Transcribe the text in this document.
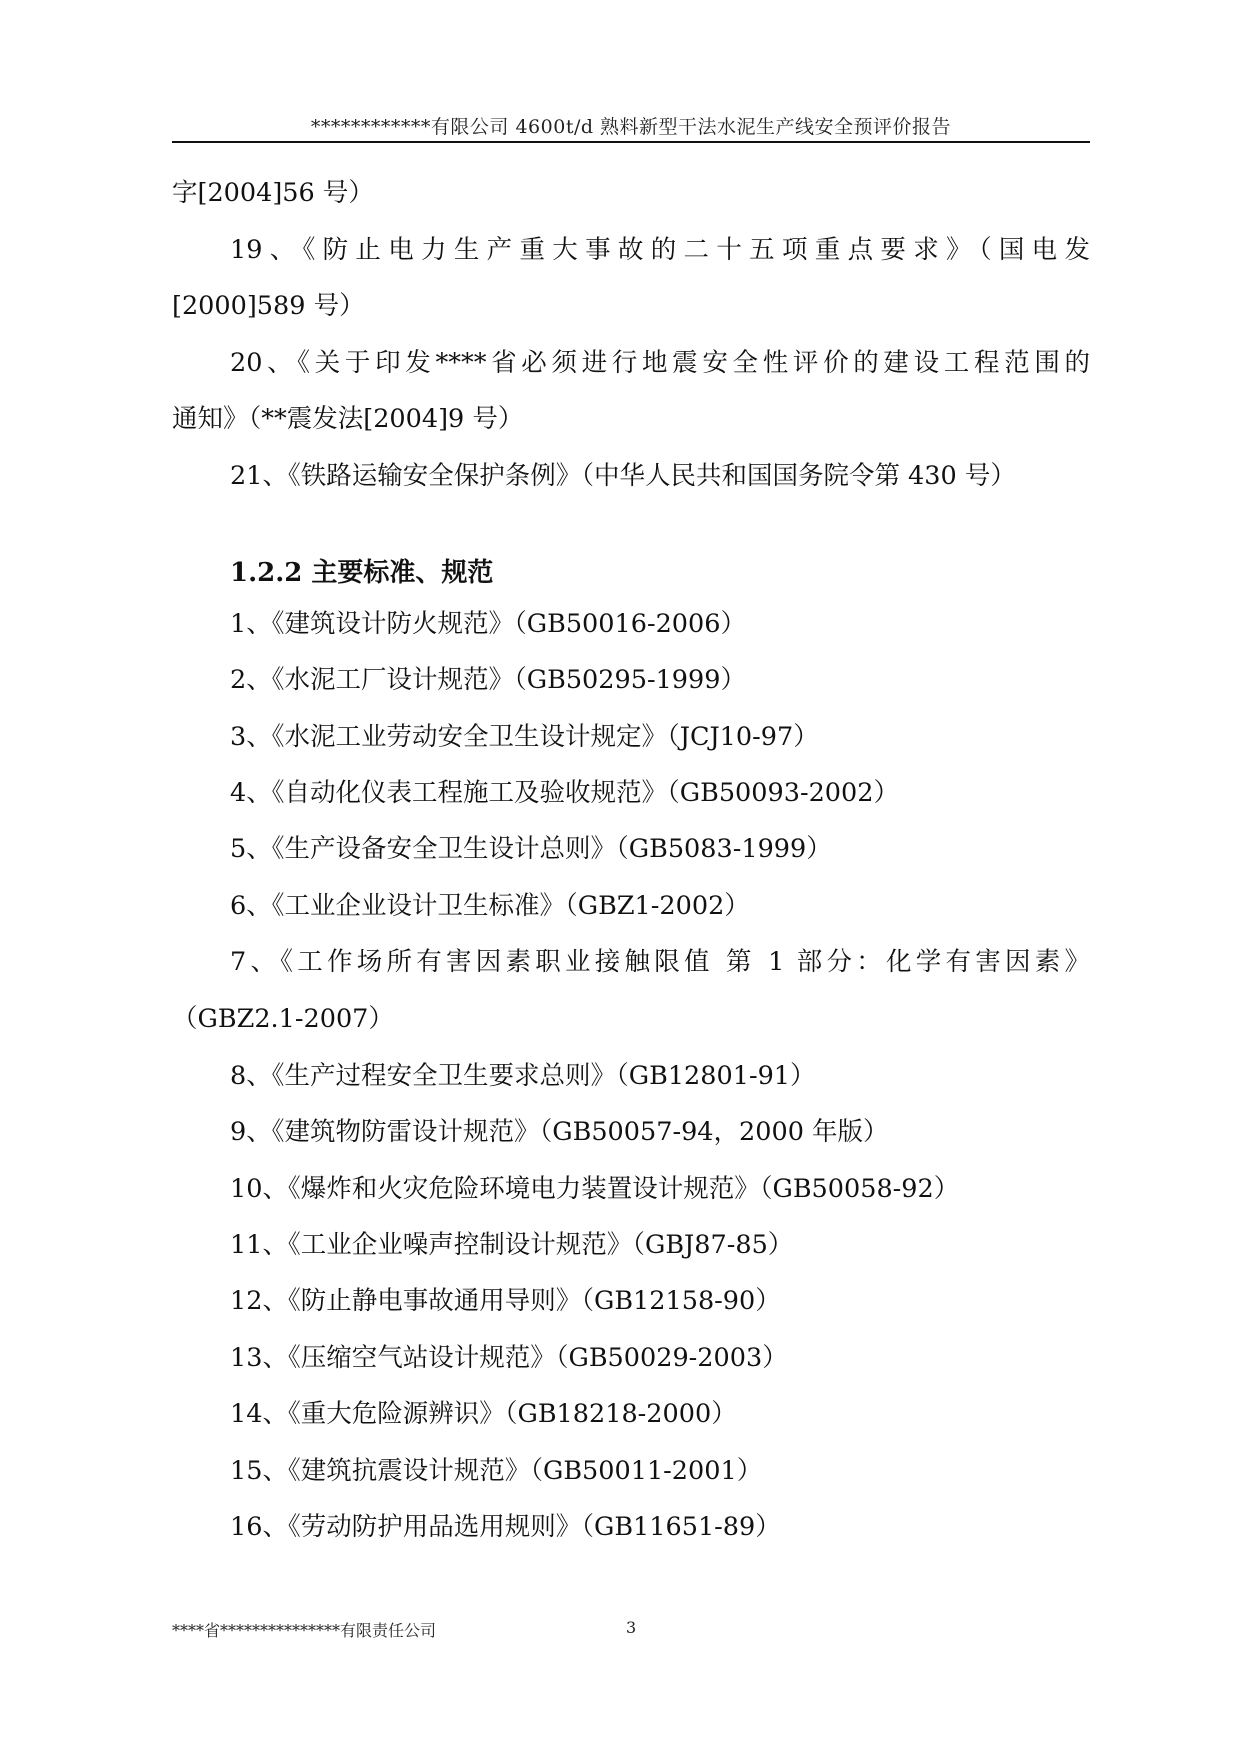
************有限公司 4600t/d 熟料新型干法水泥生产线安全预评价报告
字[2004]56 号）
19、《防止电力生产重大事故的二十五项重点要求》（国电发
[2000]589 号）
20、《关于印发****省必须进行地震安全性评价的建设工程范围的
通知》（**震发法[2004]9 号）
21、《铁路运输安全保护条例》（中华人民共和国国务院令第 430 号）
1.2.2 主要标准、规范
1、《建筑设计防火规范》（GB50016-2006）
2、《水泥工厂设计规范》（GB50295-1999）
3、《水泥工业劳动安全卫生设计规定》（JCJ10-97）
4、《自动化仪表工程施工及验收规范》（GB50093-2002）
5、《生产设备安全卫生设计总则》（GB5083-1999）
6、《工业企业设计卫生标准》（GBZ1-2002）
7、《工作场所有害因素职业接触限值 第 1 部分：化学有害因素》
（GBZ2.1-2007）
8、《生产过程安全卫生要求总则》（GB12801-91）
9、《建筑物防雷设计规范》（GB50057-94，2000 年版）
10、《爆炸和火灾危险环境电力装置设计规范》（GB50058-92）
11、《工业企业噪声控制设计规范》（GBJ87-85）
12、《防止静电事故通用导则》（GB12158-90）
13、《压缩空气站设计规范》（GB50029-2003）
14、《重大危险源辨识》（GB18218-2000）
15、《建筑抗震设计规范》（GB50011-2001）
16、《劳动防护用品选用规则》（GB11651-89）
****省***************有限责任公司	3
